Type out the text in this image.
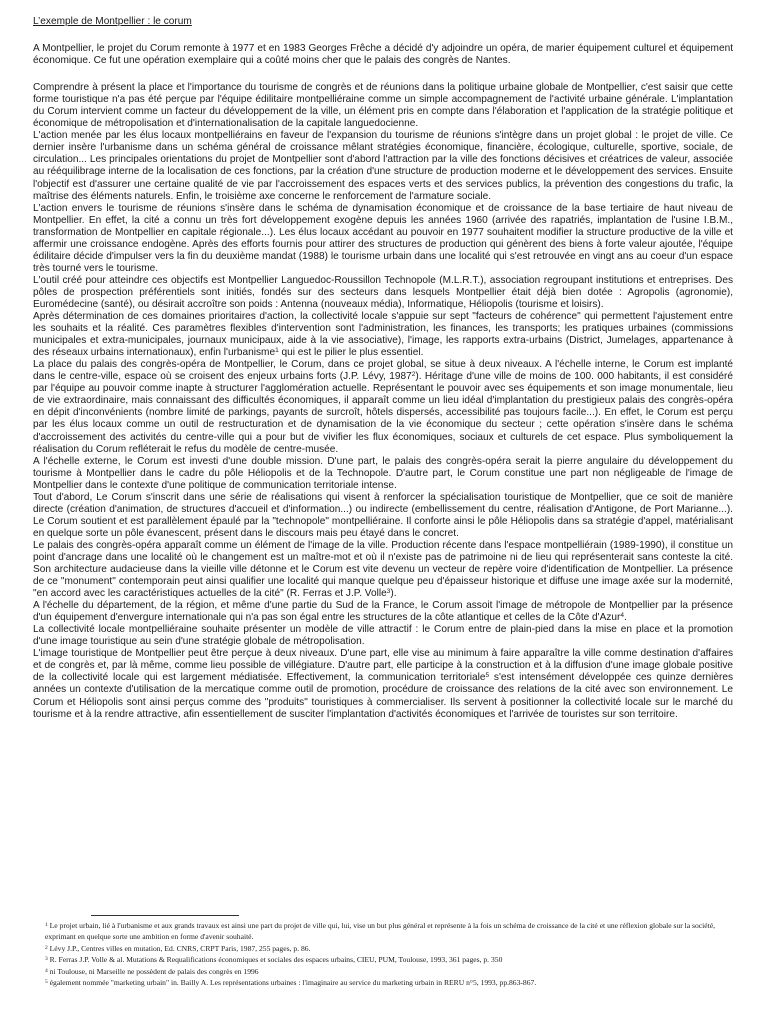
L’exemple de Montpellier : le corum

A Montpellier, le projet du Corum remonte à 1977 et en 1983 Georges Frêche a décidé d'y adjoindre un opéra, de marier équipement culturel et équipement économique. Ce fut une opération exemplaire qui a coûté moins cher que le palais des congrès de Nantes.

Comprendre à présent la place et l'importance du tourisme de congrès et de réunions dans la politique urbaine globale de Montpellier, c'est saisir que cette forme touristique n'a pas été perçue par l'équipe édilitaire montpelliéraine comme un simple accompagnement de l'activité urbaine générale. L'implantation du Corum intervient comme un facteur du développement de la ville, un élément pris en compte dans l'élaboration et l'application de la stratégie politique et économique de métropolisation et d'internationalisation de la capitale languedocienne.

L'action menée par les élus locaux montpelliérains en faveur de l'expansion du tourisme de réunions s'intègre dans un projet global : le projet de ville. Ce dernier insère l'urbanisme dans un schéma général de croissance mêlant stratégies économique, financière, écologique, culturelle, sportive, sociale, de circulation... Les principales orientations du projet de Montpellier sont d'abord l'attraction par la ville des fonctions décisives et créatrices de valeur, associée au rééquilibrage interne de la localisation de ces fonctions, par la création d'une structure de production moderne et le développement des services. Ensuite l'objectif est d'assurer une certaine qualité de vie par l'accroissement des espaces verts et des services publics, la prévention des congestions du trafic, la maîtrise des éléments naturels. Enfin, le troisième axe concerne le renforcement de l'armature sociale.

L'action envers le tourisme de réunions s'insère dans le schéma de dynamisation économique et de croissance de la base tertiaire de haut niveau de Montpellier. En effet, la cité a connu un très fort développement exogène depuis les années 1960 (arrivée des rapatriés, implantation de l'usine I.B.M., transformation de Montpellier en capitale régionale...). Les élus locaux accédant au pouvoir en 1977 souhaitent modifier la structure productive de la ville et affermir une croissance endogène. Après des efforts fournis pour attirer des structures de production qui génèrent des biens à forte valeur ajoutée, l'équipe édilitaire décide d'impulser vers la fin du deuxième mandat (1988) le tourisme urbain dans une localité qui s'est retrouvée en vingt ans au coeur d'un espace très tourné vers le tourisme.

L'outil créé pour atteindre ces objectifs est Montpellier Languedoc-Roussillon Technopole (M.L.R.T.), association regroupant institutions et entreprises. Des pôles de prospection préférentiels sont initiés, fondés sur des secteurs dans lesquels Montpellier était déjà bien dotée : Agropolis (agronomie), Euromédecine (santé), ou désirait accroître son poids : Antenna (nouveaux média), Informatique, Héliopolis (tourisme et loisirs).

Après détermination de ces domaines prioritaires d'action, la collectivité locale s'appuie sur sept "facteurs de cohérence" qui permettent l'ajustement entre les souhaits et la réalité. Ces paramètres flexibles d'intervention sont l'administration, les finances, les transports; les pratiques urbaines (commissions municipales et extra-municipales, journaux municipaux, aide à la vie associative), l'image, les rapports extra-urbains (District, Jumelages, appartenance à des réseaux urbains internationaux), enfin l'urbanisme$^1$ qui est le pilier le plus essentiel.

La place du palais des congrès-opéra de Montpellier, le Corum, dans ce projet global, se situe à deux niveaux. A l'échelle interne, le Corum est implanté dans le centre-ville, espace où se croisent des enjeux urbains forts (J.P. Lévy, 1987$^2$). Héritage d'une ville de moins de 100. 000 habitants, il est considéré par l'équipe au pouvoir comme inapte à structurer l'agglomération actuelle. Représentant le pouvoir avec ses équipements et son image monumentale, lieu de vie extraordinaire, mais connaissant des difficultés économiques, il apparaît comme un lieu idéal d'implantation du prestigieux palais des congrès-opéra en dépit d'inconvénients (nombre limité de parkings, payants de surcroît, hôtels dispersés, accessibilité pas toujours facile...). En effet, le Corum est perçu par les élus locaux comme un outil de restructuration et de dynamisation de la vie économique du secteur ; cette opération s'insère dans le schéma d'accroissement des activités du centre-ville qui a pour but de vivifier les flux économiques, sociaux et culturels de cet espace. Plus symboliquement la réalisation du Corum refléterait le refus du modèle de centre-musée.

A l'échelle externe, le Corum est investi d'une double mission. D'une part, le palais des congrès-opéra serait la pierre angulaire du développement du tourisme à Montpellier dans le cadre du pôle Héliopolis et de la Technopole. D'autre part, le Corum constitue une part non négligeable de l'image de Montpellier dans le contexte d'une politique de communication territoriale intense.

Tout d'abord, Le Corum s'inscrit dans une série de réalisations qui visent à renforcer la spécialisation touristique de Montpellier, que ce soit de manière directe (création d'animation, de structures d'accueil et d'information...) ou indirecte (embellissement du centre, réalisation d'Antigone, de Port Marianne...). Le Corum soutient et est parallèlement épaulé par la "technopole" montpelliéraine. Il conforte ainsi le pôle Héliopolis dans sa stratégie d'appel, matérialisant en quelque sorte un pôle évanescent, présent dans le discours mais peu étayé dans le concret.

Le palais des congrès-opéra apparaît comme un élément de l'image de la ville. Production récente dans l'espace montpelliérain (1989-1990), il constitue un point d'ancrage dans une localité où le changement est un maître-mot et où il n'existe pas de patrimoine ni de lieu qui représenterait sans conteste la cité. Son architecture audacieuse dans la vieille ville détonne et le Corum est vite devenu un vecteur de repère voire d'identification de Montpellier. La présence de ce "monument" contemporain peut ainsi qualifier une localité qui manque quelque peu d'épaisseur historique et diffuse une image axée sur la modernité, "en accord avec les caractéristiques actuelles de la cité" (R. Ferras et J.P. Volle$^3$).

A l'échelle du département, de la région, et même d'une partie du Sud de la France, le Corum assoit l'image de métropole de Montpellier par la présence d'un équipement d'envergure internationale qui n'a pas son égal entre les structures de la côte atlantique et celles de la Côte d'Azur$^4$.

La collectivité locale montpelliéraine souhaite présenter un modèle de ville attractif : le Corum entre de plain-pied dans la mise en place et la promotion d'une image touristique au sein d'une stratégie globale de métropolisation.

L'image touristique de Montpellier peut être perçue à deux niveaux. D'une part, elle vise au minimum à faire apparaître la ville comme destination d'affaires et de congrès et, par là même, comme lieu possible de villégiature. D'autre part, elle participe à la construction et à la diffusion d'une image globale positive de la collectivité locale qui est largement médiatisée. Effectivement, la communication territoriale$^5$ s'est intensément développée ces quinze dernières années un contexte d'utilisation de la mercatique comme outil de promotion, procédure de croissance des relations de la cité avec son environnement. Le Corum et Héliopolis sont ainsi perçus comme des "produits" touristiques à commercialiser. Ils servent à positionner la collectivité locale sur le marché du tourisme et à la rendre attractive, afin essentiellement de susciter l'implantation d'activités économiques et l'arrivée de touristes sur son territoire.

$^1$ Le projet urbain, lié à l'urbanisme et aux grands travaux est ainsi une part du projet de ville qui, lui, vise un but plus général et représente à la fois un schéma de croissance de la cité et une réflexion globale sur la société, exprimant en quelque sorte une ambition en forme d'avenir souhaité.

$^2$ Lévy J.P., Centres villes en mutation, Ed. CNRS, CRPT Paris, 1987, 255 pages, p. 86.

$^3$ R. Ferras J.P. Volle & al. Mutations & Requalifications économiques et sociales des espaces urbains, CIEU, PUM, Toulouse, 1993, 361 pages, p. 350

$^4$ ni Toulouse, ni Marseille ne possèdent de palais des congrès en 1996

$^5$ également nommée "marketing urbain" in. Bailly A. Les représentations urbaines : l'imaginaire au service du marketing urbain in RERU n°5, 1993, pp.863-867.
